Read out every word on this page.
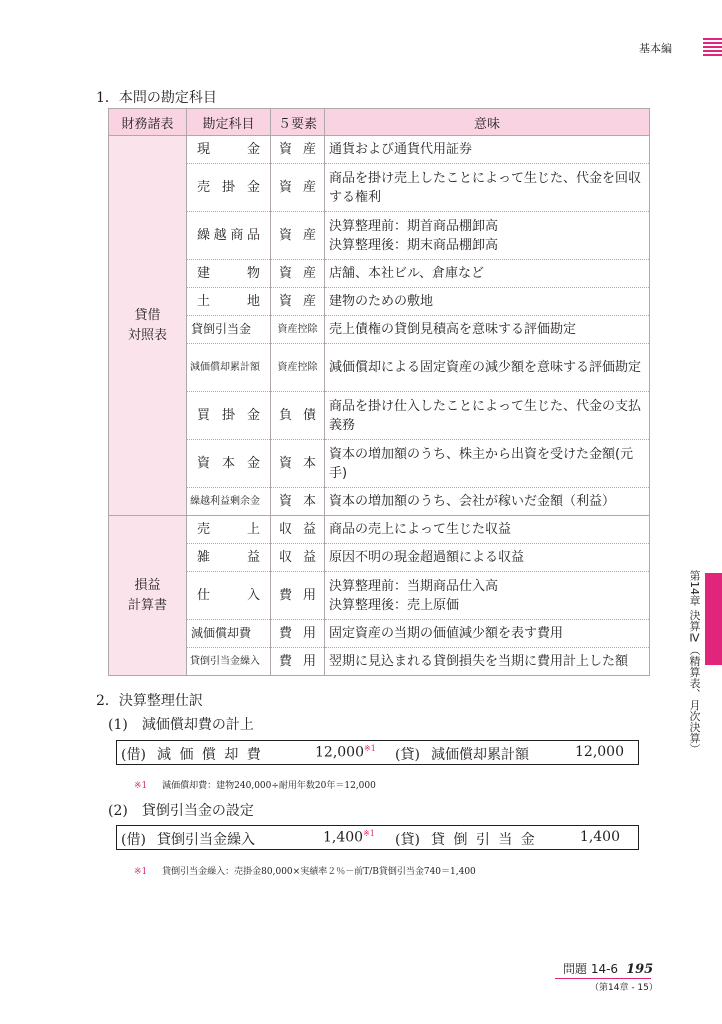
基本編
第14章 決算Ⅳ（精算表、月次決算）
1．本問の勘定科目
財務諸表	勘定科目	５要素	意味
貸借
対照表	現金	資産	通貨および通貨代用証券
	売掛金	資産	商品を掛け売上したことによって生じた、代金を回収する権利
	繰越商品	資産	決算整理前：期首商品棚卸高
決算整理後：期末商品棚卸高
	建物	資産	店舗、本社ビル、倉庫など
	土地	資産	建物のための敷地
	貸倒引当金	資産控除	売上債権の貸倒見積高を意味する評価勘定
	減価償却累計額	資産控除	減価償却による固定資産の減少額を意味する評価勘定
	買掛金	負債	商品を掛け仕入したことによって生じた、代金の支払義務
	資本金	資本	資本の増加額のうち、株主から出資を受けた金額(元手)
	繰越利益剰余金	資本	資本の増加額のうち、会社が稼いだ金額（利益）
損益
計算書	売上	収益	商品の売上によって生じた収益
	雑益	収益	原因不明の現金超過額による収益
	仕入	費用	決算整理前：当期商品仕入高
決算整理後：売上原価
	減価償却費	費用	固定資産の当期の価値減少額を表す費用
	貸倒引当金繰入	費用	翌期に見込まれる貸倒損失を当期に費用計上した額
2．決算整理仕訳
(1)　減価償却費の計上
(借) 減 価 償 却 費	12,000$^{※1}$ (貸) 減価償却累計額	12,000
※1 減価償却費：建物240,000÷耐用年数20年＝12,000
(2)　貸倒引当金の設定
(借) 貸倒引当金繰入	1,400$^{※1}$ (貸) 貸 倒 引 当 金	1,400
※1 貸倒引当金繰入：売掛金80,000×実績率２％－前T/B貸倒引当金740＝1,400
問題 14-6 195
（第14章 - 15）
